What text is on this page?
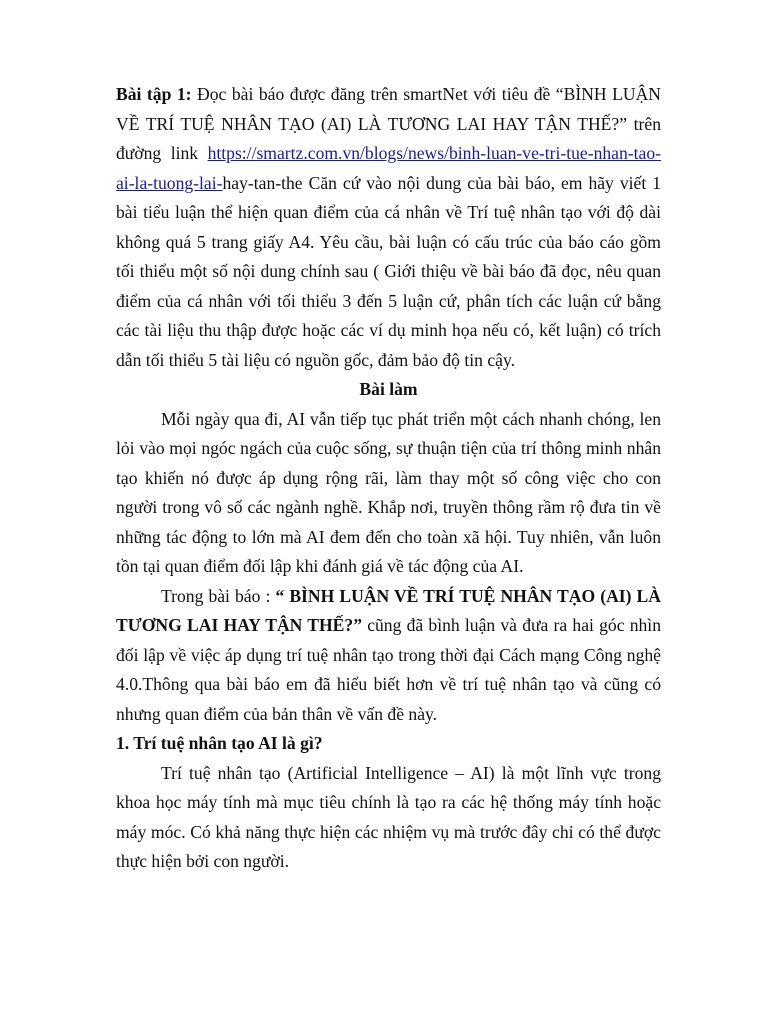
Bài tập 1: Đọc bài báo được đăng trên smartNet với tiêu đề “BÌNH LUẬN VỀ TRÍ TUỆ NHÂN TẠO (AI) LÀ TƯƠNG LAI HAY TẬN THẾ?” trên đường link https://smartz.com.vn/blogs/news/binh-luan-ve-tri-tue-nhan-tao-ai-la-tuong-lai-hay-tan-the Căn cứ vào nội dung của bài báo, em hãy viết 1 bài tiểu luận thể hiện quan điểm của cá nhân về Trí tuệ nhân tạo với độ dài không quá 5 trang giấy A4. Yêu cầu, bài luận có cấu trúc của báo cáo gồm tối thiểu một số nội dung chính sau ( Giới thiệu về bài báo đã đọc, nêu quan điểm của cá nhân với tối thiểu 3 đến 5 luận cứ, phân tích các luận cứ bằng các tài liệu thu thập được hoặc các ví dụ minh họa nếu có, kết luận) có trích dẫn tối thiểu 5 tài liệu có nguồn gốc, đảm bảo độ tin cậy.

Bài làm

Mỗi ngày qua đi, AI vẫn tiếp tục phát triển một cách nhanh chóng, len lỏi vào mọi ngóc ngách của cuộc sống, sự thuận tiện của trí thông minh nhân tạo khiến nó được áp dụng rộng rãi, làm thay một số công việc cho con người trong vô số các ngành nghề. Khắp nơi, truyền thông rầm rộ đưa tin về những tác động to lớn mà AI đem đến cho toàn xã hội. Tuy nhiên, vẫn luôn tồn tại quan điểm đối lập khi đánh giá về tác động của AI.

Trong bài báo : “ BÌNH LUẬN VỀ TRÍ TUỆ NHÂN TẠO (AI) LÀ TƯƠNG LAI HAY TẬN THẾ?” cũng đã bình luận và đưa ra hai góc nhìn đối lập về việc áp dụng trí tuệ nhân tạo trong thời đại Cách mạng Công nghệ 4.0.Thông qua bài báo em đã hiểu biết hơn về trí tuệ nhân tạo và cũng có nhưng quan điểm của bản thân về vấn đề này.

1. Trí tuệ nhân tạo AI là gì?

Trí tuệ nhân tạo (Artificial Intelligence – AI) là một lĩnh vực trong khoa học máy tính mà mục tiêu chính là tạo ra các hệ thống máy tính hoặc máy móc. Có khả năng thực hiện các nhiệm vụ mà trước đây chỉ có thể được thực hiện bởi con người.
